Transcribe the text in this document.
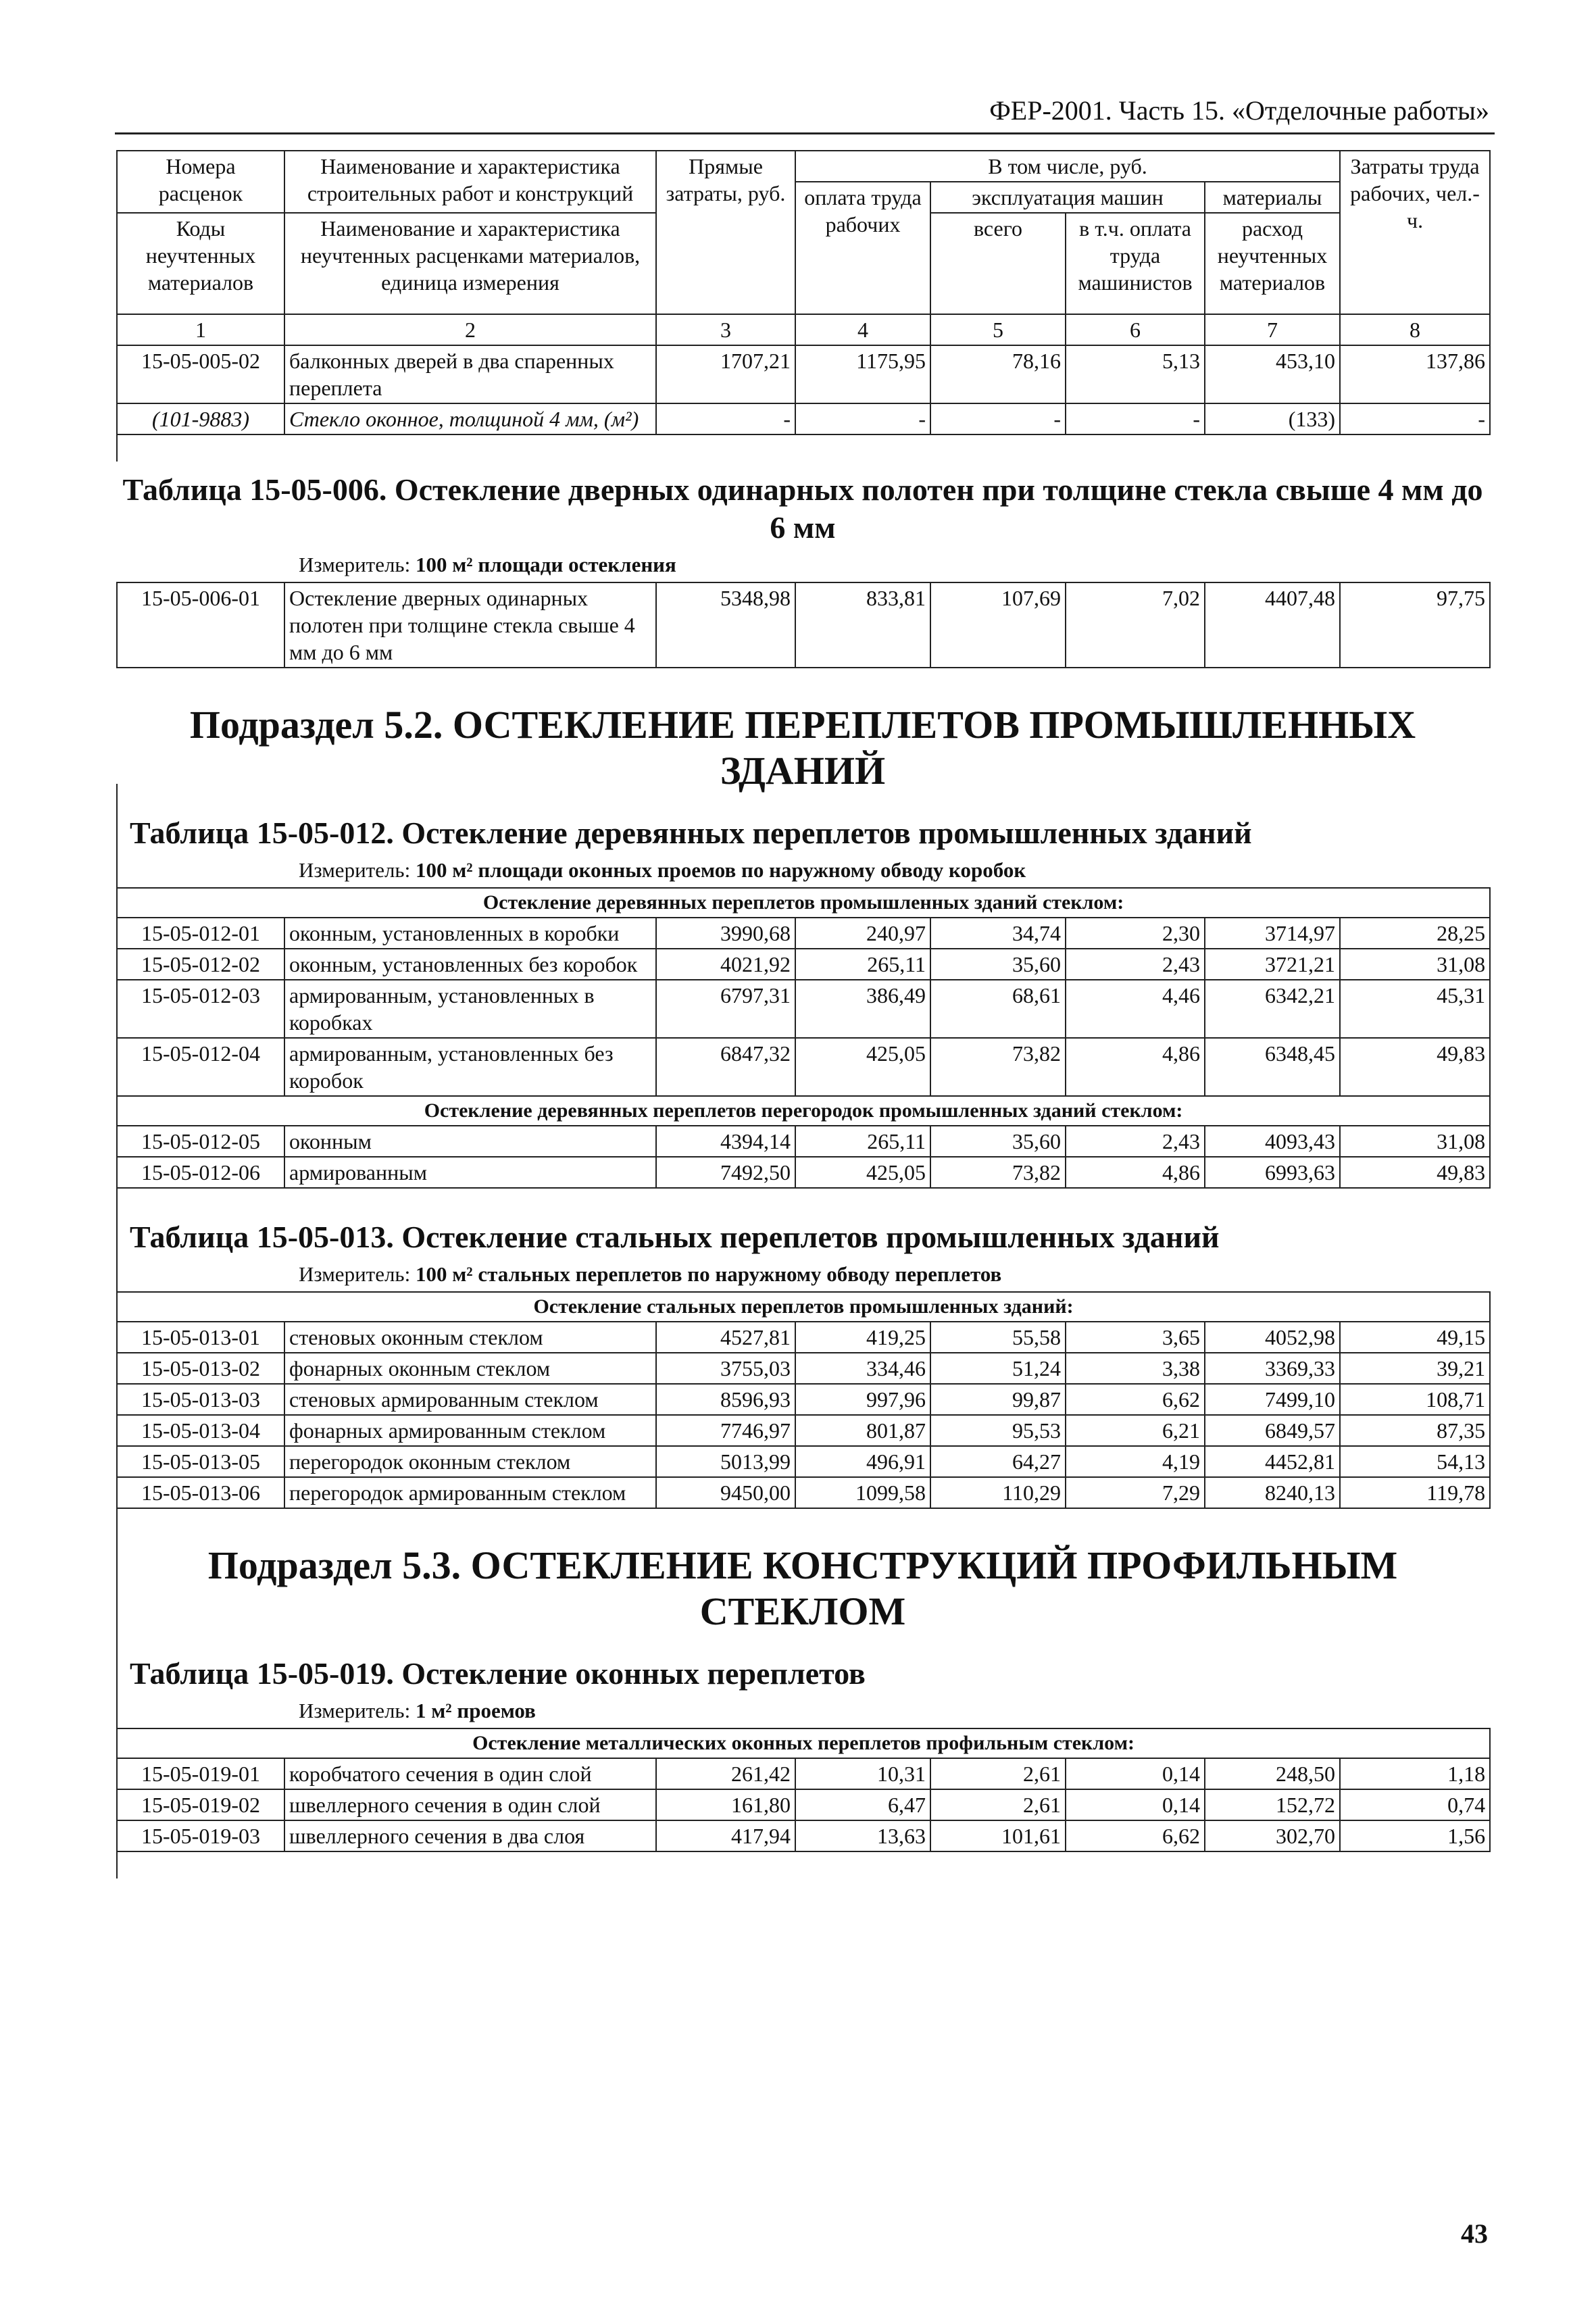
ФЕР-2001. Часть 15. «Отделочные работы»
Номера расценок	Наименование и характеристика строительных работ и конструкций	Прямые затраты, руб.	В том числе, руб.				Затраты труда рабочих, чел.-ч.
			оплата труда рабочих	эксплуатация машин		материалы	
Коды неучтенных материалов	Наименование и характеристика неучтенных расценками материалов, единица измерения			всего	в т.ч. оплата труда машинистов	расход неучтенных материалов	

1	2	3	4	5	6	7	8
15-05-005-02	балконных дверей в два спаренных переплета	1707,21	1175,95	78,16	5,13	453,10	137,86
(101-9883)	Стекло оконное, толщиной 4 мм, (м²)	-	-	-	-	(133)	-

Таблица 15-05-006. Остекление дверных одинарных полотен при толщине стекла свыше 4 мм до 6 мм
Измеритель: 100 м² площади остекления
15-05-006-01	Остекление дверных одинарных полотен при толщине стекла свыше 4 мм до 6 мм	5348,98	833,81	107,69	7,02	4407,48	97,75
Подраздел 5.2. ОСТЕКЛЕНИЕ ПЕРЕПЛЕТОВ ПРОМЫШЛЕННЫХ ЗДАНИЙ
Таблица 15-05-012. Остекление деревянных переплетов промышленных зданий
Измеритель: 100 м² площади оконных проемов по наружному обводу коробок
Остекление деревянных переплетов промышленных зданий стеклом:							
15-05-012-01	оконным, установленных в коробки	3990,68	240,97	34,74	2,30	3714,97	28,25
15-05-012-02	оконным, установленных без коробок	4021,92	265,11	35,60	2,43	3721,21	31,08
15-05-012-03	армированным, установленных в коробках	6797,31	386,49	68,61	4,46	6342,21	45,31
15-05-012-04	армированным, установленных без коробок	6847,32	425,05	73,82	4,86	6348,45	49,83
Остекление деревянных переплетов перегородок промышленных зданий стеклом:							
15-05-012-05	оконным	4394,14	265,11	35,60	2,43	4093,43	31,08
15-05-012-06	армированным	7492,50	425,05	73,82	4,86	6993,63	49,83
Таблица 15-05-013. Остекление стальных переплетов промышленных зданий
Измеритель: 100 м² стальных переплетов по наружному обводу переплетов
Остекление стальных переплетов промышленных зданий:							
15-05-013-01	стеновых оконным стеклом	4527,81	419,25	55,58	3,65	4052,98	49,15
15-05-013-02	фонарных оконным стеклом	3755,03	334,46	51,24	3,38	3369,33	39,21
15-05-013-03	стеновых армированным стеклом	8596,93	997,96	99,87	6,62	7499,10	108,71
15-05-013-04	фонарных армированным стеклом	7746,97	801,87	95,53	6,21	6849,57	87,35
15-05-013-05	перегородок оконным стеклом	5013,99	496,91	64,27	4,19	4452,81	54,13
15-05-013-06	перегородок армированным стеклом	9450,00	1099,58	110,29	7,29	8240,13	119,78
Подраздел 5.3. ОСТЕКЛЕНИЕ КОНСТРУКЦИЙ ПРОФИЛЬНЫМ СТЕКЛОМ
Таблица 15-05-019. Остекление оконных переплетов
Измеритель: 1 м² проемов
Остекление металлических оконных переплетов профильным стеклом:							
15-05-019-01	коробчатого сечения в один слой	261,42	10,31	2,61	0,14	248,50	1,18
15-05-019-02	швеллерного сечения в один слой	161,80	6,47	2,61	0,14	152,72	0,74
15-05-019-03	швеллерного сечения в два слоя	417,94	13,63	101,61	6,62	302,70	1,56
43
